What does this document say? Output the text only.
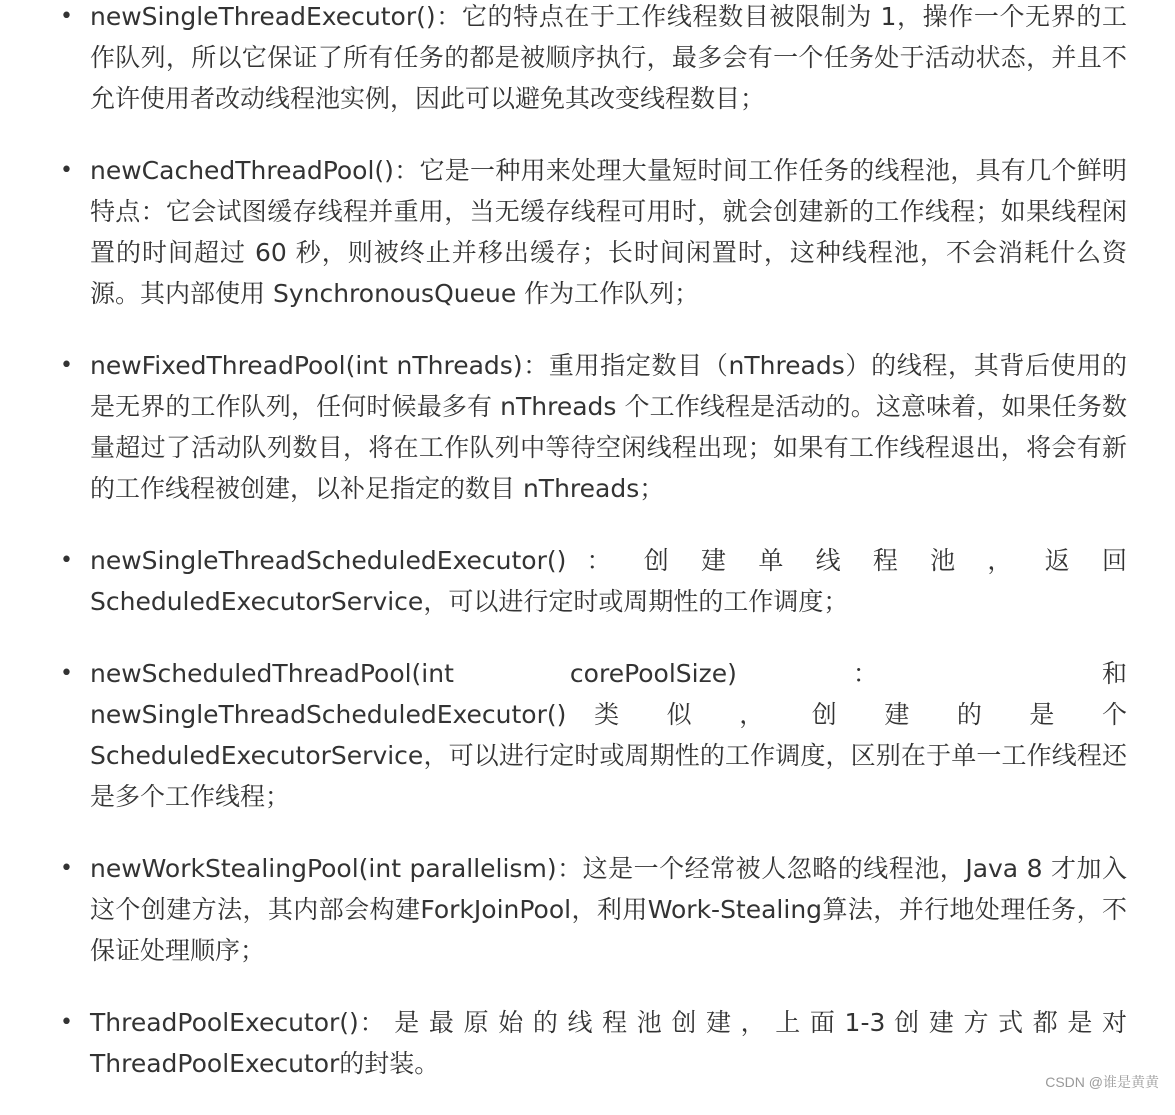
• newSingleThreadExecutor()：它的特点在于工作线程数目被限制为 1，操作一个无界的工作队列，所以它保证了所有任务的都是被顺序执行，最多会有一个任务处于活动状态，并且不允许使用者改动线程池实例，因此可以避免其改变线程数目；
• newCachedThreadPool()：它是一种用来处理大量短时间工作任务的线程池，具有几个鲜明特点：它会试图缓存线程并重用，当无缓存线程可用时，就会创建新的工作线程；如果线程闲置的时间超过 60 秒，则被终止并移出缓存；长时间闲置时，这种线程池，不会消耗什么资源。其内部使用 SynchronousQueue 作为工作队列；
• newFixedThreadPool(int nThreads)：重用指定数目（nThreads）的线程，其背后使用的是无界的工作队列，任何时候最多有 nThreads 个工作线程是活动的。这意味着，如果任务数量超过了活动队列数目，将在工作队列中等待空闲线程出现；如果有工作线程退出，将会有新的工作线程被创建，以补足指定的数目 nThreads；
• newSingleThreadScheduledExecutor() ： 创 建 单 线 程 池 ， 返 回 ScheduledExecutorService，可以进行定时或周期性的工作调度；
• newScheduledThreadPool(int corePoolSize) ： 和 newSingleThreadScheduledExecutor() 类 似 ， 创 建 的 是 个 ScheduledExecutorService，可以进行定时或周期性的工作调度，区别在于单一工作线程还是多个工作线程；
• newWorkStealingPool(int parallelism)：这是一个经常被人忽略的线程池，Java 8 才加入这个创建方法，其内部会构建ForkJoinPool，利用Work-Stealing算法，并行地处理任务，不保证处理顺序；
• ThreadPoolExecutor()： 是 最 原 始 的 线 程 池 创 建 ， 上 面 1-3 创 建 方 式 都 是 对 ThreadPoolExecutor的封装。
CSDN @谁是黄黄
